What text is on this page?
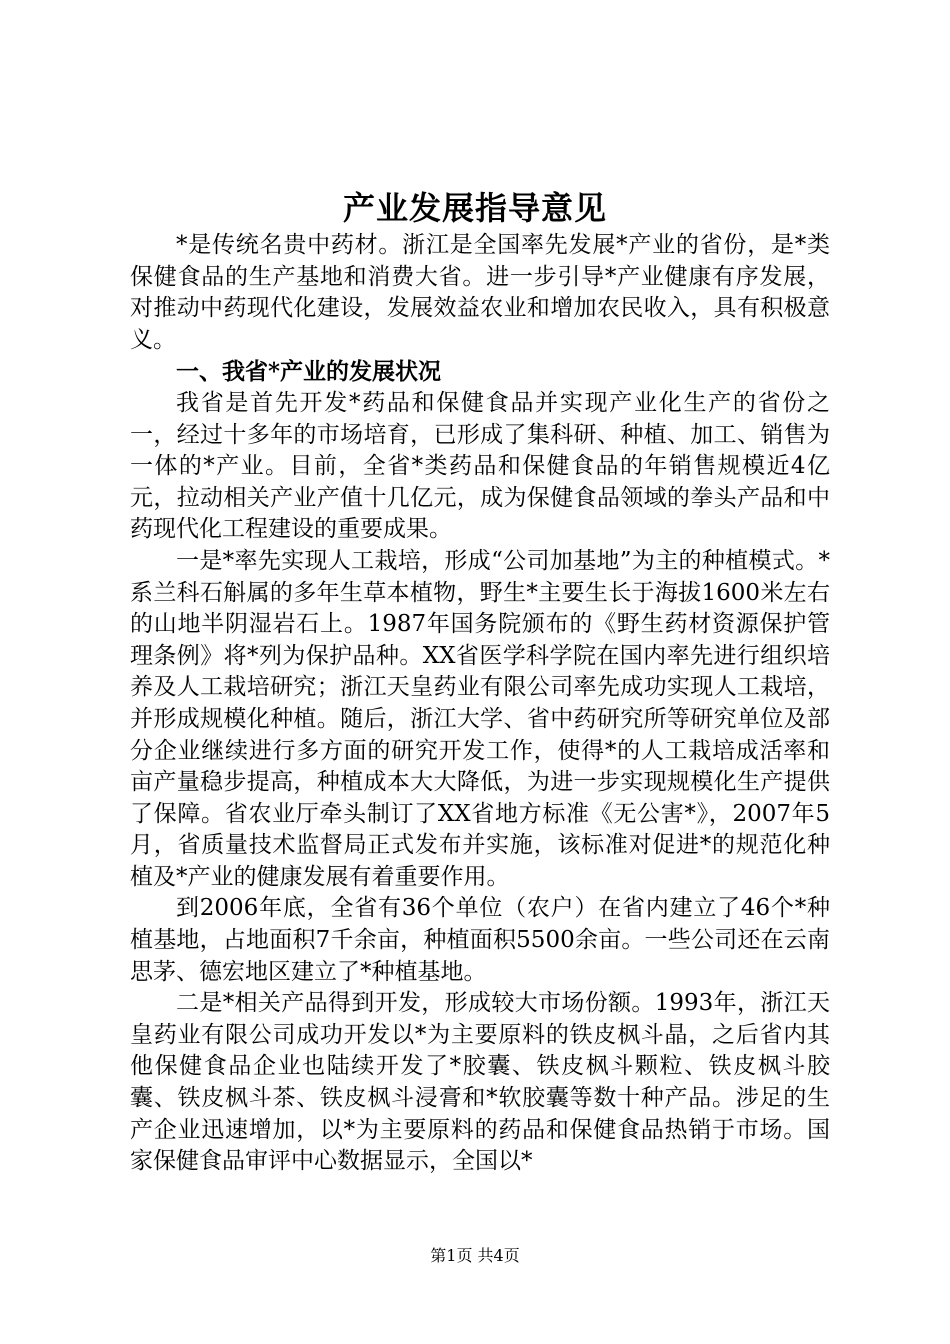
产业发展指导意见

*是传统名贵中药材。浙江是全国率先发展*产业的省份，是*类保健食品的生产基地和消费大省。进一步引导*产业健康有序发展，对推动中药现代化建设，发展效益农业和增加农民收入，具有积极意义。

一、我省*产业的发展状况

我省是首先开发*药品和保健食品并实现产业化生产的省份之一，经过十多年的市场培育，已形成了集科研、种植、加工、销售为一体的*产业。目前，全省*类药品和保健食品的年销售规模近4亿元，拉动相关产业产值十几亿元，成为保健食品领域的拳头产品和中药现代化工程建设的重要成果。

一是*率先实现人工栽培，形成“公司加基地”为主的种植模式。*系兰科石斛属的多年生草本植物，野生*主要生长于海拔1600米左右的山地半阴湿岩石上。1987年国务院颁布的《野生药材资源保护管理条例》将*列为保护品种。XX省医学科学院在国内率先进行组织培养及人工栽培研究；浙江天皇药业有限公司率先成功实现人工栽培，并形成规模化种植。随后，浙江大学、省中药研究所等研究单位及部分企业继续进行多方面的研究开发工作，使得*的人工栽培成活率和亩产量稳步提高，种植成本大大降低，为进一步实现规模化生产提供了保障。省农业厅牵头制订了XX省地方标准《无公害*》，2007年5月，省质量技术监督局正式发布并实施，该标准对促进*的规范化种植及*产业的健康发展有着重要作用。

到2006年底，全省有36个单位（农户）在省内建立了46个*种植基地，占地面积7千余亩，种植面积5500余亩。一些公司还在云南思茅、德宏地区建立了*种植基地。

二是*相关产品得到开发，形成较大市场份额。1993年，浙江天皇药业有限公司成功开发以*为主要原料的铁皮枫斗晶，之后省内其他保健食品企业也陆续开发了*胶囊、铁皮枫斗颗粒、铁皮枫斗胶囊、铁皮枫斗茶、铁皮枫斗浸膏和*软胶囊等数十种产品。涉足的生产企业迅速增加，以*为主要原料的药品和保健食品热销于市场。国家保健食品审评中心数据显示，全国以*

第1页 共4页
